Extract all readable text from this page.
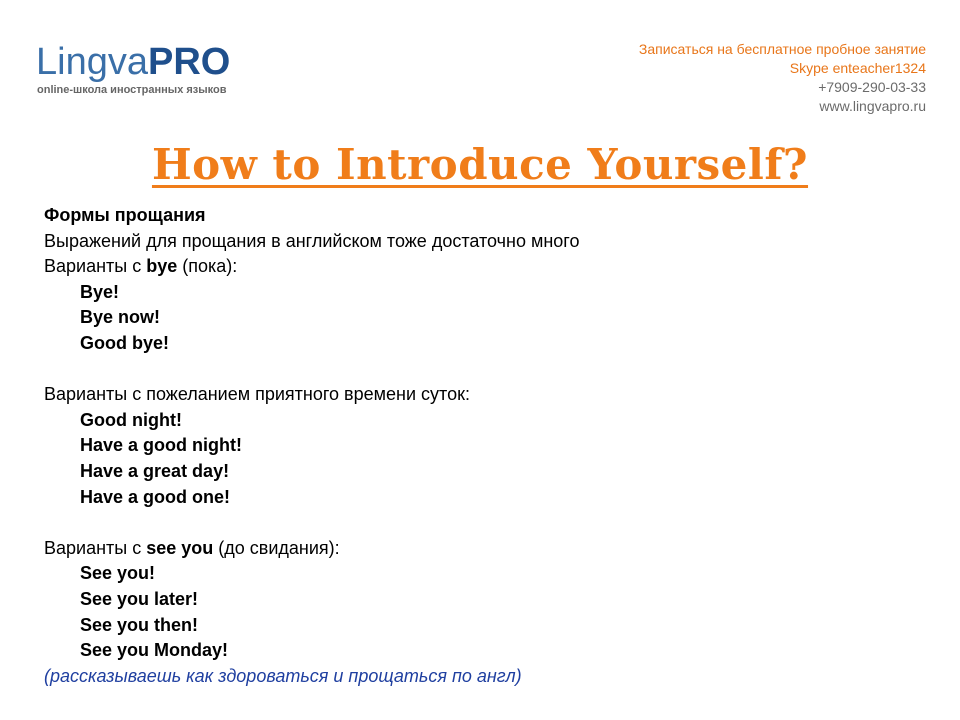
LingvaPRO
online-школа иностранных языков
Записаться на бесплатное пробное занятие
Skype enteacher1324
+7909-290-03-33
www.lingvapro.ru
How to Introduce Yourself?
Формы прощания
Выражений для прощания в английском тоже достаточно много
Варианты с bye (пока):
Bye!
Bye now!
Good bye!
Варианты с пожеланием приятного времени суток:
Good night!
Have a good night!
Have a great day!
Have a good one!
Варианты с see you (до свидания):
See you!
See you later!
See you then!
See you Monday!
(рассказываешь как здороваться и прощаться по англ)
